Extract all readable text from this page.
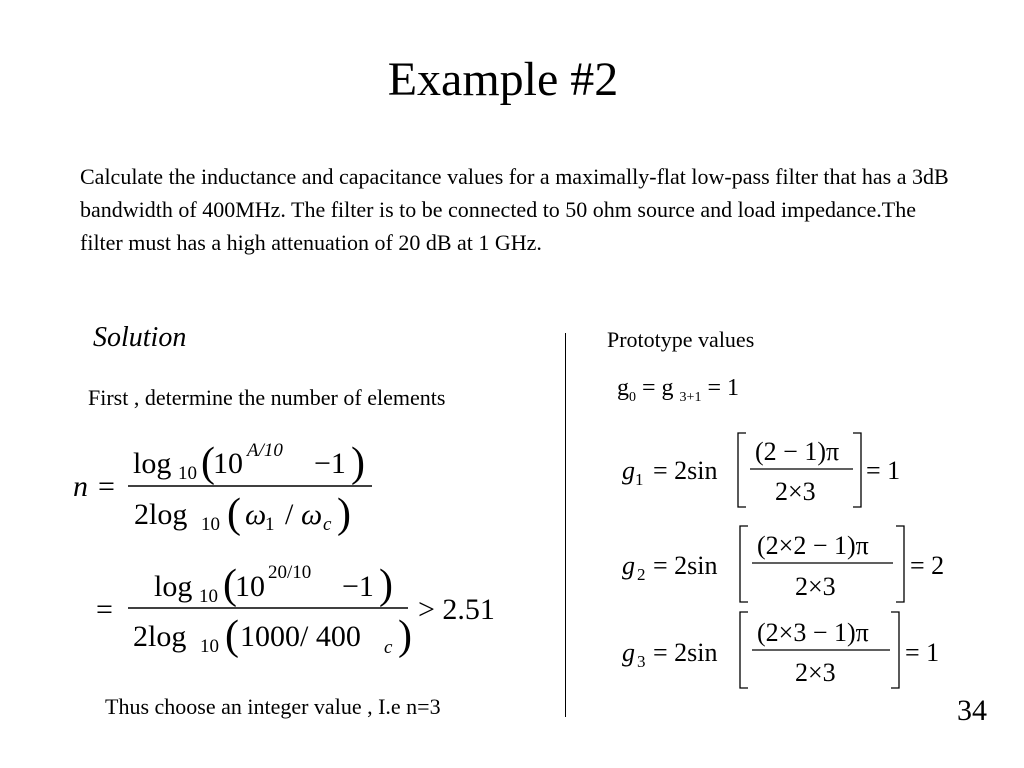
Example #2
Calculate the inductance and capacitance values for a maximally-flat low-pass filter that has a 3dB bandwidth of 400MHz. The filter is to be connected to 50 ohm source and load impedance.The filter must has a high attenuation of 20 dB at 1 GHz.
Solution	Prototype values
First , determine the number of elements	$g_0 = g$ $_{3+1}$ = 1
n =
log 10 (
10 A/10 −1 )
2log 10 ( ω
1 / ω c )
=
log 10 (
10 20/10 −1 )
2log 10 ( 1000/ 400 c )
> 2.51
g 1 = 2sin
(2 − 1)π
2×3
= 1
g 2 = 2sin
(2×2 − 1)π
2×3
= 2
g 3 = 2sin
(2×3 − 1)π
2×3
= 1
Thus choose an integer value , I.e n=3	34
